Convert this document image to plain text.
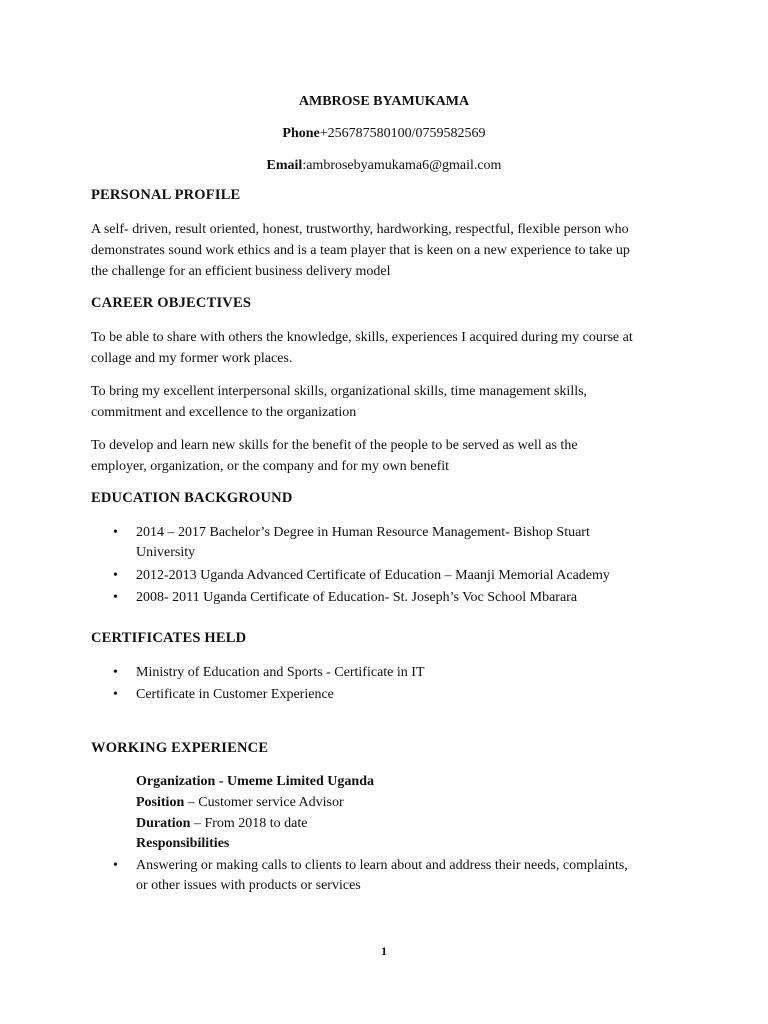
AMBROSE BYAMUKAMA
Phone+256787580100/0759582569
Email:ambrosebyamukama6@gmail.com
PERSONAL PROFILE
A self- driven, result oriented, honest, trustworthy, hardworking, respectful, flexible person who
demonstrates sound work ethics and is a team player that is keen on a new experience to take up
the challenge for an efficient business delivery model
CAREER OBJECTIVES
To be able to share with others the knowledge, skills, experiences I acquired during my course at
collage and my former work places.
To bring my excellent interpersonal skills, organizational skills, time management skills,
commitment and excellence to the organization
To develop and learn new skills for the benefit of the people to be served as well as the
employer, organization, or the company and for my own benefit
EDUCATION BACKGROUND
•	2014 – 2017 Bachelor’s Degree in Human Resource Management- Bishop Stuart
University
•	2012-2013 Uganda Advanced Certificate of Education – Maanji Memorial Academy
•	2008- 2011 Uganda Certificate of Education- St. Joseph’s Voc School Mbarara
CERTIFICATES HELD
•	Ministry of Education and Sports - Certificate in IT
•	Certificate in Customer Experience
WORKING EXPERIENCE
Organization - Umeme Limited Uganda
Position – Customer service Advisor
Duration – From 2018 to date
Responsibilities
•	Answering or making calls to clients to learn about and address their needs, complaints,
or other issues with products or services
1
